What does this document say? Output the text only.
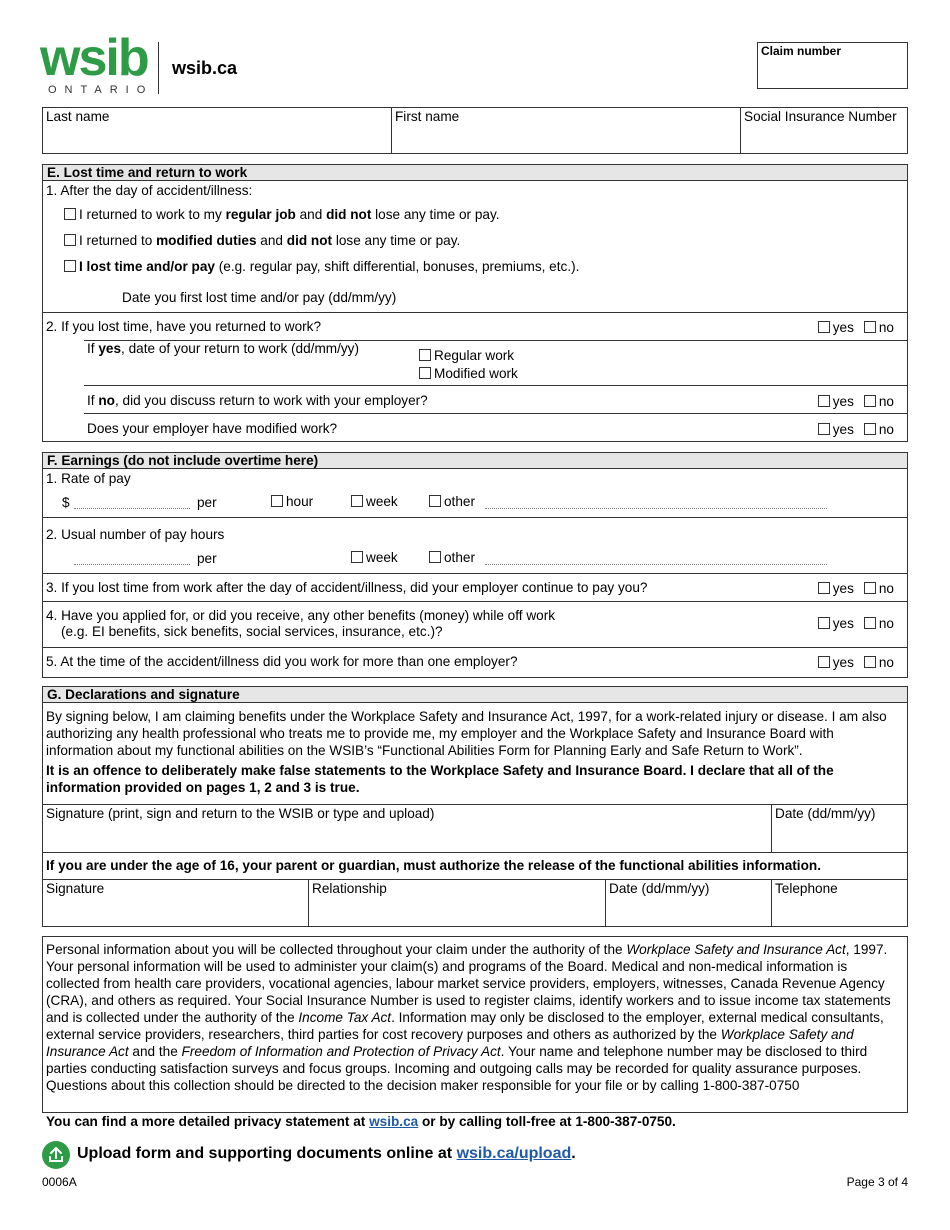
wsib
ONTARIO
wsib.ca
Claim number
Last name	First name	Social Insurance Number
E. Lost time and return to work
1. After the day of accident/illness:
I returned to work to my regular job and did not lose any time or pay.
I returned to modified duties and did not lose any time or pay.
I lost time and/or pay (e.g. regular pay, shift differential, bonuses, premiums, etc.).
Date you first lost time and/or pay (dd/mm/yy)
2. If you lost time, have you returned to work?	yes no
If yes, date of your return to work (dd/mm/yy)	Regular work
Modified work
If no, did you discuss return to work with your employer?	yes no
Does your employer have modified work?	yes no
F. Earnings (do not include overtime here)
1. Rate of pay
$	per	hour	week	other
2. Usual number of pay hours
per	week	other
3. If you lost time from work after the day of accident/illness, did your employer continue to pay you?	yes no
4. Have you applied for, or did you receive, any other benefits (money) while off work
(e.g. EI benefits, sick benefits, social services, insurance, etc.)?
yes no
5. At the time of the accident/illness did you work for more than one employer?	yes no
G. Declarations and signature

By signing below, I am claiming benefits under the Workplace Safety and Insurance Act, 1997, for a work-related injury or disease. I am also authorizing any health professional who treats me to provide me, my employer and the Workplace Safety and Insurance Board with information about my functional abilities on the WSIB’s “Functional Abilities Form for Planning Early and Safe Return to Work”.

It is an offence to deliberately make false statements to the Workplace Safety and Insurance Board. I declare that all of the information provided on pages 1, 2 and 3 is true.

Signature (print, sign and return to the WSIB or type and upload)	Date (dd/mm/yy)
If you are under the age of 16, your parent or guardian, must authorize the release of the functional abilities information.
Signature	Relationship	Date (dd/mm/yy)	Telephone

Personal information about you will be collected throughout your claim under the authority of the Workplace Safety and Insurance Act, 1997. Your personal information will be used to administer your claim(s) and programs of the Board. Medical and non-medical information is collected from health care providers, vocational agencies, labour market service providers, employers, witnesses, Canada Revenue Agency (CRA), and others as required. Your Social Insurance Number is used to register claims, identify workers and to issue income tax statements and is collected under the authority of the Income Tax Act. Information may only be disclosed to the employer, external medical consultants, external service providers, researchers, third parties for cost recovery purposes and others as authorized by the Workplace Safety and Insurance Act and the Freedom of Information and Protection of Privacy Act. Your name and telephone number may be disclosed to third parties conducting satisfaction surveys and focus groups. Incoming and outgoing calls may be recorded for quality assurance purposes. Questions about this collection should be directed to the decision maker responsible for your file or by calling 1-800-387-0750

You can find a more detailed privacy statement at wsib.ca or by calling toll-free at 1-800-387-0750.
Upload form and supporting documents online at wsib.ca/upload.
0006A	Page 3 of 4
